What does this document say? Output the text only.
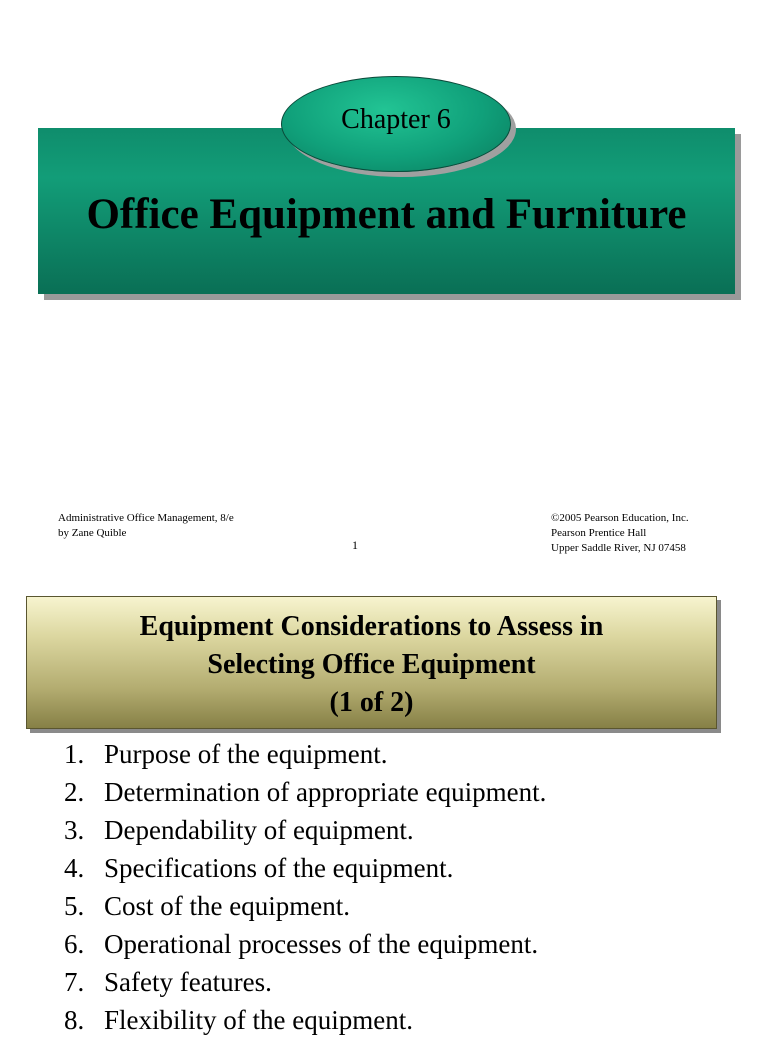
Office Equipment and Furniture
Chapter 6
Administrative Office Management, 8/e
by Zane Quible
1
©2005 Pearson Education, Inc.
Pearson Prentice Hall
Upper Saddle River, NJ 07458
Equipment Considerations to Assess in
Selecting Office Equipment
(1 of 2)
1. Purpose of the equipment.
2. Determination of appropriate equipment.
3. Dependability of equipment.
4. Specifications of the equipment.
5. Cost of the equipment.
6. Operational processes of the equipment.
7. Safety features.
8. Flexibility of the equipment.
